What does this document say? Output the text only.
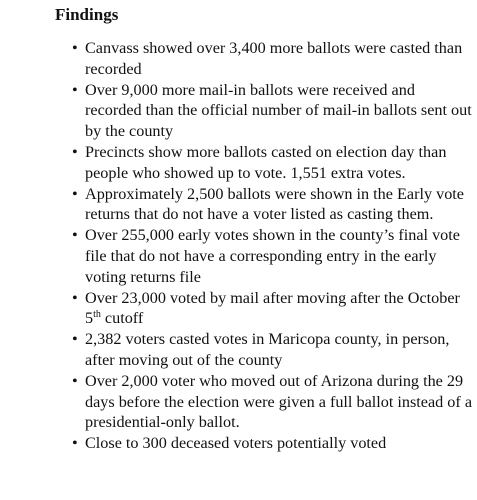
Findings
• Canvass showed over 3,400 more ballots were casted than recorded
• Over 9,000 more mail-in ballots were received and recorded than the official number of mail-in ballots sent out by the county
• Precincts show more ballots casted on election day than people who showed up to vote. 1,551 extra votes.
• Approximately 2,500 ballots were shown in the Early vote returns that do not have a voter listed as casting them.
• Over 255,000 early votes shown in the county’s final vote file that do not have a corresponding entry in the early voting returns file
• Over 23,000 voted by mail after moving after the October 5th cutoff
• 2,382 voters casted votes in Maricopa county, in person, after moving out of the county
• Over 2,000 voter who moved out of Arizona during the 29 days before the election were given a full ballot instead of a presidential-only ballot.
• Close to 300 deceased voters potentially voted
